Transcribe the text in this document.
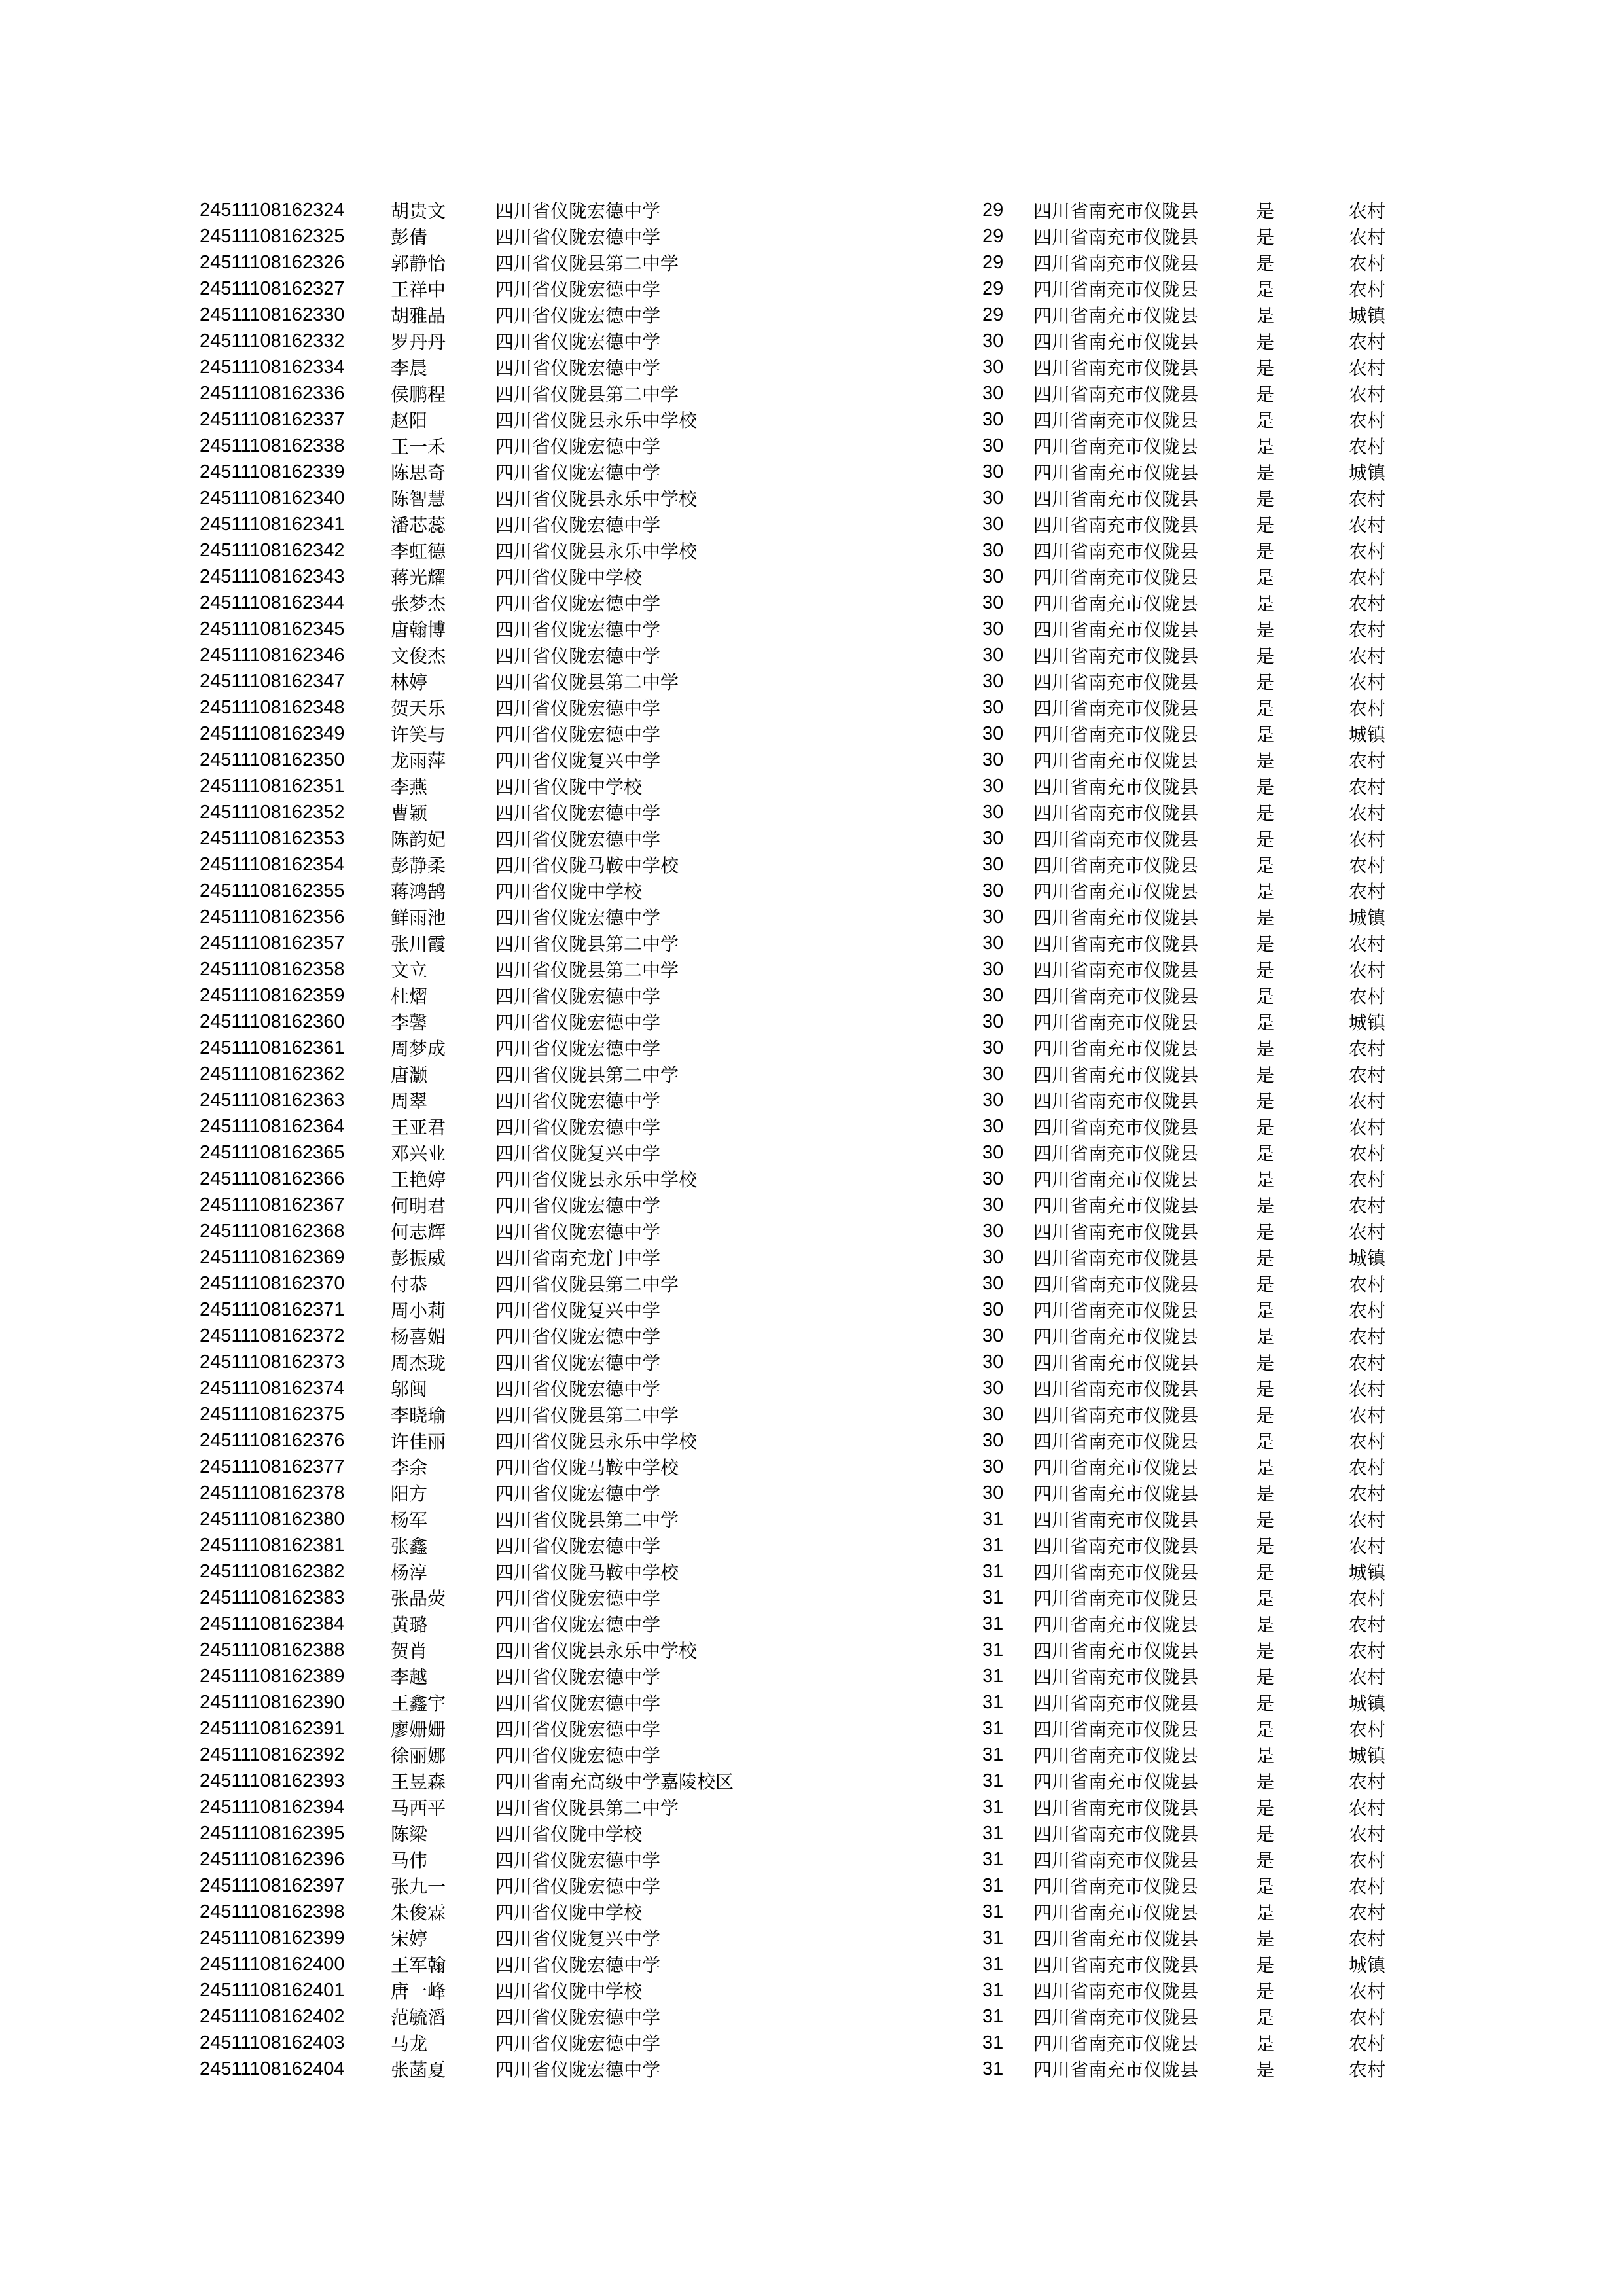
24511108162324	胡贵文	四川省仪陇宏德中学	29	四川省南充市仪陇县	是	农村
24511108162325	彭倩	四川省仪陇宏德中学	29	四川省南充市仪陇县	是	农村
24511108162326	郭静怡	四川省仪陇县第二中学	29	四川省南充市仪陇县	是	农村
24511108162327	王祥中	四川省仪陇宏德中学	29	四川省南充市仪陇县	是	农村
24511108162330	胡雅晶	四川省仪陇宏德中学	29	四川省南充市仪陇县	是	城镇
24511108162332	罗丹丹	四川省仪陇宏德中学	30	四川省南充市仪陇县	是	农村
24511108162334	李晨	四川省仪陇宏德中学	30	四川省南充市仪陇县	是	农村
24511108162336	侯鹏程	四川省仪陇县第二中学	30	四川省南充市仪陇县	是	农村
24511108162337	赵阳	四川省仪陇县永乐中学校	30	四川省南充市仪陇县	是	农村
24511108162338	王一禾	四川省仪陇宏德中学	30	四川省南充市仪陇县	是	农村
24511108162339	陈思奇	四川省仪陇宏德中学	30	四川省南充市仪陇县	是	城镇
24511108162340	陈智慧	四川省仪陇县永乐中学校	30	四川省南充市仪陇县	是	农村
24511108162341	潘芯蕊	四川省仪陇宏德中学	30	四川省南充市仪陇县	是	农村
24511108162342	李虹德	四川省仪陇县永乐中学校	30	四川省南充市仪陇县	是	农村
24511108162343	蒋光耀	四川省仪陇中学校	30	四川省南充市仪陇县	是	农村
24511108162344	张梦杰	四川省仪陇宏德中学	30	四川省南充市仪陇县	是	农村
24511108162345	唐翰博	四川省仪陇宏德中学	30	四川省南充市仪陇县	是	农村
24511108162346	文俊杰	四川省仪陇宏德中学	30	四川省南充市仪陇县	是	农村
24511108162347	林婷	四川省仪陇县第二中学	30	四川省南充市仪陇县	是	农村
24511108162348	贺天乐	四川省仪陇宏德中学	30	四川省南充市仪陇县	是	农村
24511108162349	许笑与	四川省仪陇宏德中学	30	四川省南充市仪陇县	是	城镇
24511108162350	龙雨萍	四川省仪陇复兴中学	30	四川省南充市仪陇县	是	农村
24511108162351	李燕	四川省仪陇中学校	30	四川省南充市仪陇县	是	农村
24511108162352	曹颖	四川省仪陇宏德中学	30	四川省南充市仪陇县	是	农村
24511108162353	陈韵妃	四川省仪陇宏德中学	30	四川省南充市仪陇县	是	农村
24511108162354	彭静柔	四川省仪陇马鞍中学校	30	四川省南充市仪陇县	是	农村
24511108162355	蒋鸿鹄	四川省仪陇中学校	30	四川省南充市仪陇县	是	农村
24511108162356	鲜雨池	四川省仪陇宏德中学	30	四川省南充市仪陇县	是	城镇
24511108162357	张川霞	四川省仪陇县第二中学	30	四川省南充市仪陇县	是	农村
24511108162358	文立	四川省仪陇县第二中学	30	四川省南充市仪陇县	是	农村
24511108162359	杜熠	四川省仪陇宏德中学	30	四川省南充市仪陇县	是	农村
24511108162360	李馨	四川省仪陇宏德中学	30	四川省南充市仪陇县	是	城镇
24511108162361	周梦成	四川省仪陇宏德中学	30	四川省南充市仪陇县	是	农村
24511108162362	唐灏	四川省仪陇县第二中学	30	四川省南充市仪陇县	是	农村
24511108162363	周翠	四川省仪陇宏德中学	30	四川省南充市仪陇县	是	农村
24511108162364	王亚君	四川省仪陇宏德中学	30	四川省南充市仪陇县	是	农村
24511108162365	邓兴业	四川省仪陇复兴中学	30	四川省南充市仪陇县	是	农村
24511108162366	王艳婷	四川省仪陇县永乐中学校	30	四川省南充市仪陇县	是	农村
24511108162367	何明君	四川省仪陇宏德中学	30	四川省南充市仪陇县	是	农村
24511108162368	何志辉	四川省仪陇宏德中学	30	四川省南充市仪陇县	是	农村
24511108162369	彭振威	四川省南充龙门中学	30	四川省南充市仪陇县	是	城镇
24511108162370	付恭	四川省仪陇县第二中学	30	四川省南充市仪陇县	是	农村
24511108162371	周小莉	四川省仪陇复兴中学	30	四川省南充市仪陇县	是	农村
24511108162372	杨喜媚	四川省仪陇宏德中学	30	四川省南充市仪陇县	是	农村
24511108162373	周杰珑	四川省仪陇宏德中学	30	四川省南充市仪陇县	是	农村
24511108162374	邬闽	四川省仪陇宏德中学	30	四川省南充市仪陇县	是	农村
24511108162375	李晓瑜	四川省仪陇县第二中学	30	四川省南充市仪陇县	是	农村
24511108162376	许佳丽	四川省仪陇县永乐中学校	30	四川省南充市仪陇县	是	农村
24511108162377	李余	四川省仪陇马鞍中学校	30	四川省南充市仪陇县	是	农村
24511108162378	阳方	四川省仪陇宏德中学	30	四川省南充市仪陇县	是	农村
24511108162380	杨军	四川省仪陇县第二中学	31	四川省南充市仪陇县	是	农村
24511108162381	张鑫	四川省仪陇宏德中学	31	四川省南充市仪陇县	是	农村
24511108162382	杨淳	四川省仪陇马鞍中学校	31	四川省南充市仪陇县	是	城镇
24511108162383	张晶荧	四川省仪陇宏德中学	31	四川省南充市仪陇县	是	农村
24511108162384	黄璐	四川省仪陇宏德中学	31	四川省南充市仪陇县	是	农村
24511108162388	贺肖	四川省仪陇县永乐中学校	31	四川省南充市仪陇县	是	农村
24511108162389	李越	四川省仪陇宏德中学	31	四川省南充市仪陇县	是	农村
24511108162390	王鑫宇	四川省仪陇宏德中学	31	四川省南充市仪陇县	是	城镇
24511108162391	廖姗姗	四川省仪陇宏德中学	31	四川省南充市仪陇县	是	农村
24511108162392	徐丽娜	四川省仪陇宏德中学	31	四川省南充市仪陇县	是	城镇
24511108162393	王昱森	四川省南充高级中学嘉陵校区	31	四川省南充市仪陇县	是	农村
24511108162394	马西平	四川省仪陇县第二中学	31	四川省南充市仪陇县	是	农村
24511108162395	陈梁	四川省仪陇中学校	31	四川省南充市仪陇县	是	农村
24511108162396	马伟	四川省仪陇宏德中学	31	四川省南充市仪陇县	是	农村
24511108162397	张九一	四川省仪陇宏德中学	31	四川省南充市仪陇县	是	农村
24511108162398	朱俊霖	四川省仪陇中学校	31	四川省南充市仪陇县	是	农村
24511108162399	宋婷	四川省仪陇复兴中学	31	四川省南充市仪陇县	是	农村
24511108162400	王军翰	四川省仪陇宏德中学	31	四川省南充市仪陇县	是	城镇
24511108162401	唐一峰	四川省仪陇中学校	31	四川省南充市仪陇县	是	农村
24511108162402	范毓滔	四川省仪陇宏德中学	31	四川省南充市仪陇县	是	农村
24511108162403	马龙	四川省仪陇宏德中学	31	四川省南充市仪陇县	是	农村
24511108162404	张菡夏	四川省仪陇宏德中学	31	四川省南充市仪陇县	是	农村
